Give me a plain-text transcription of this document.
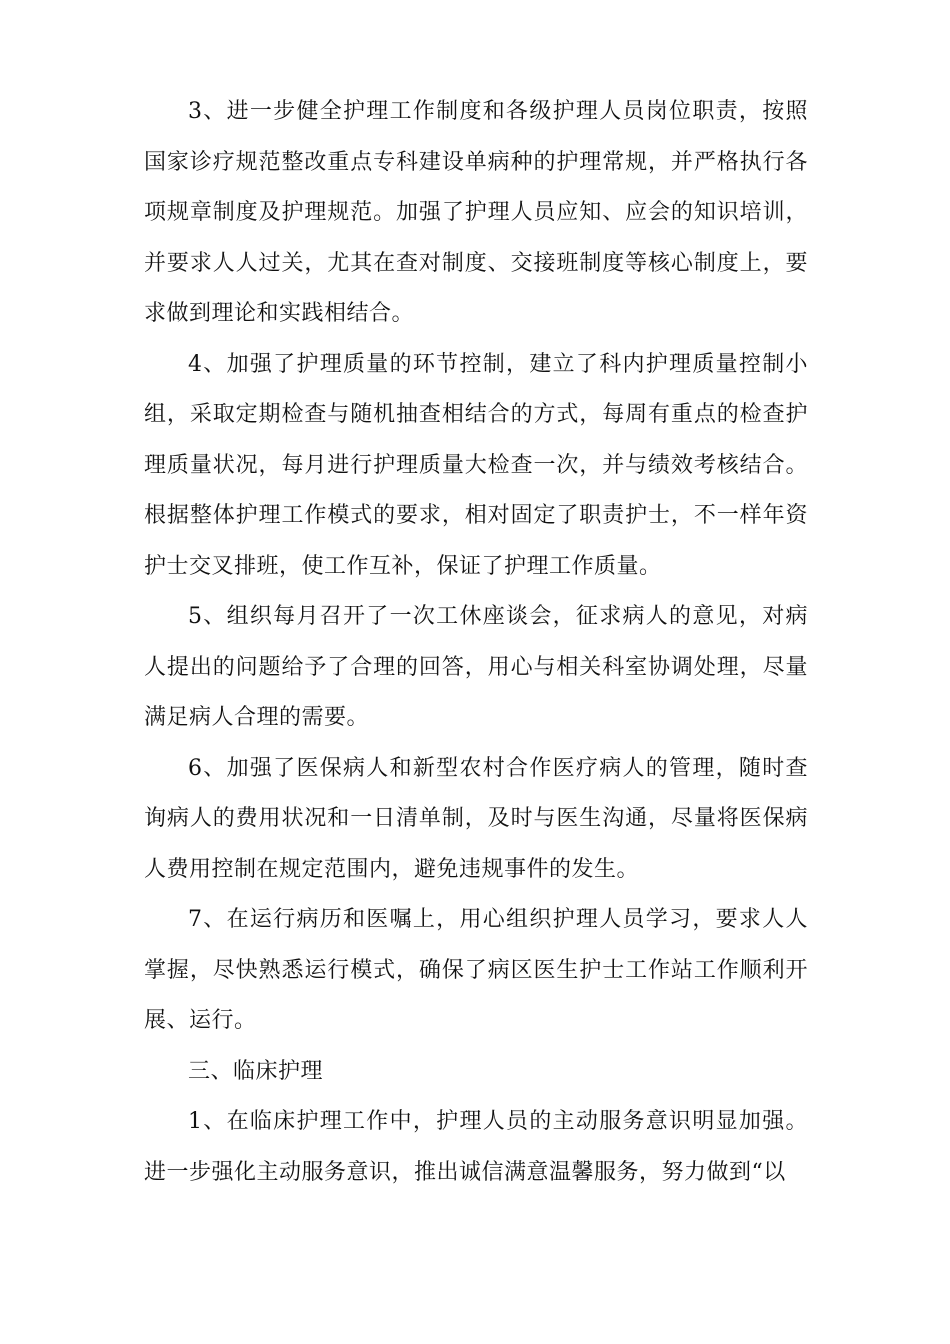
3、进一步健全护理工作制度和各级护理人员岗位职责，按照国家诊疗规范整改重点专科建设单病种的护理常规，并严格执行各项规章制度及护理规范。加强了护理人员应知、应会的知识培训，并要求人人过关，尤其在查对制度、交接班制度等核心制度上，要求做到理论和实践相结合。

4、加强了护理质量的环节控制，建立了科内护理质量控制小组，采取定期检查与随机抽查相结合的方式，每周有重点的检查护理质量状况，每月进行护理质量大检查一次，并与绩效考核结合。根据整体护理工作模式的要求，相对固定了职责护士，不一样年资护士交叉排班，使工作互补，保证了护理工作质量。

5、组织每月召开了一次工休座谈会，征求病人的意见，对病人提出的问题给予了合理的回答，用心与相关科室协调处理，尽量满足病人合理的需要。

6、加强了医保病人和新型农村合作医疗病人的管理，随时查询病人的费用状况和一日清单制，及时与医生沟通，尽量将医保病人费用控制在规定范围内，避免违规事件的发生。

7、在运行病历和医嘱上，用心组织护理人员学习，要求人人掌握，尽快熟悉运行模式，确保了病区医生护士工作站工作顺利开展、运行。

三、临床护理

1、在临床护理工作中，护理人员的主动服务意识明显加强。进一步强化主动服务意识，推出诚信满意温馨服务，努力做到“以
